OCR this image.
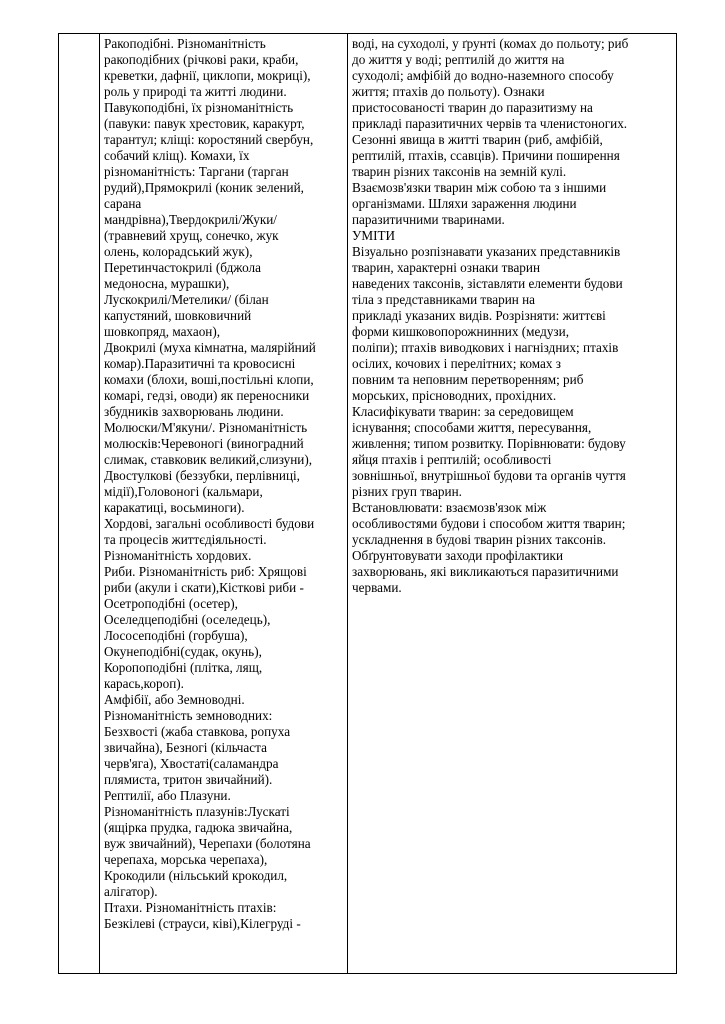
Ракоподібні. Різноманітність
ракоподібних (річкові раки, краби,
креветки, дафнії, циклопи, мокриці),
роль у природі та житті людини.
Павукоподібні, їх різноманітність
(павуки: павук хрестовик, каракурт,
тарантул; кліщі: коростяний свербун,
собачий кліщ). Комахи, їх
різноманітність: Таргани (тарган
рудий),Прямокрилі (коник зелений,
сарана
мандрівна),Твердокрилі/Жуки/
(травневий хрущ, сонечко, жук
олень, колорадський жук),
Перетинчастокрилі (бджола
медоносна, мурашки),
Лускокрилі/Метелики/ (білан
капустяний, шовковичний
шовкопряд, махаон),
Двокрилі (муха кімнатна, малярійний
комар).Паразитичні та кровосисні
комахи (блохи, воші,постільні клопи,
комарі, гедзі, оводи) як переносники
збудників захворювань людини.
Молюски/М'якуни/. Різноманітність
молюсків:Черевоногі (виноградний
слимак, ставковик великий,слизуни),
Двостулкові (беззубки, перлівниці,
мідії),Головоногі (кальмари,
каракатиці, восьминоги).
Хордові, загальні особливості будови
та процесів життєдіяльності.
Різноманітність хордових.
Риби. Різноманітність риб: Хрящові
риби (акули і скати),Кісткові риби -
Осетроподібні (осетер),
Оселедцеподібні (оселедець),
Лососеподібні (горбуша),
Окунеподібні(судак, окунь),
Коропоподібні (плітка, лящ,
карась,короп).
Амфібії, або Земноводні.
Різноманітність земноводних:
Безхвості (жаба ставкова, ропуха
звичайна), Безногі (кільчаста
черв'яга), Хвостаті(саламандра
плямиста, тритон звичайний).
Рептилії, або Плазуни.
Різноманітність плазунів:Лускаті
(ящірка прудка, гадюка звичайна,
вуж звичайний), Черепахи (болотяна
черепаха, морська черепаха),
Крокодили (нільський крокодил,
алігатор).
Птахи. Різноманітність птахів:
Безкілеві (страуси, ківі),Кілегруді -

воді, на суходолі, у ґрунті (комах до польоту; риб
до життя у воді; рептилій до життя на
суходолі; амфібій до водно-наземного способу
життя; птахів до польоту). Ознаки
пристосованості тварин до паразитизму на
прикладі паразитичних червів та членистоногих.
Сезонні явища в житті тварин (риб, амфібій,
рептилій, птахів, ссавців). Причини поширення
тварин різних таксонів на земній кулі.
Взаємозв'язки тварин між собою та з іншими
організмами. Шляхи зараження людини
паразитичними тваринами.
УМІТИ
Візуально розпізнавати указаних представників
тварин, характерні ознаки тварин
наведених таксонів, зіставляти елементи будови
тіла з представниками тварин на
прикладі указаних видів. Розрізняти: життєві
форми кишковопорожнинних (медузи,
поліпи); птахів виводкових і нагніздних; птахів
осілих, кочових і перелітних; комах з
повним та неповним перетворенням; риб
морських, прісноводних, прохідних.
Класифікувати тварин: за середовищем
існування; способами життя, пересування,
живлення; типом розвитку. Порівнювати: будову
яйця птахів і рептилій; особливості
зовнішньої, внутрішньої будови та органів чуття
різних груп тварин.
Встановлювати: взаємозв'язок між
особливостями будови і способом життя тварин;
ускладнення в будові тварин різних таксонів.
Обґрунтовувати заходи профілактики
захворювань, які викликаються паразитичними
червами.
